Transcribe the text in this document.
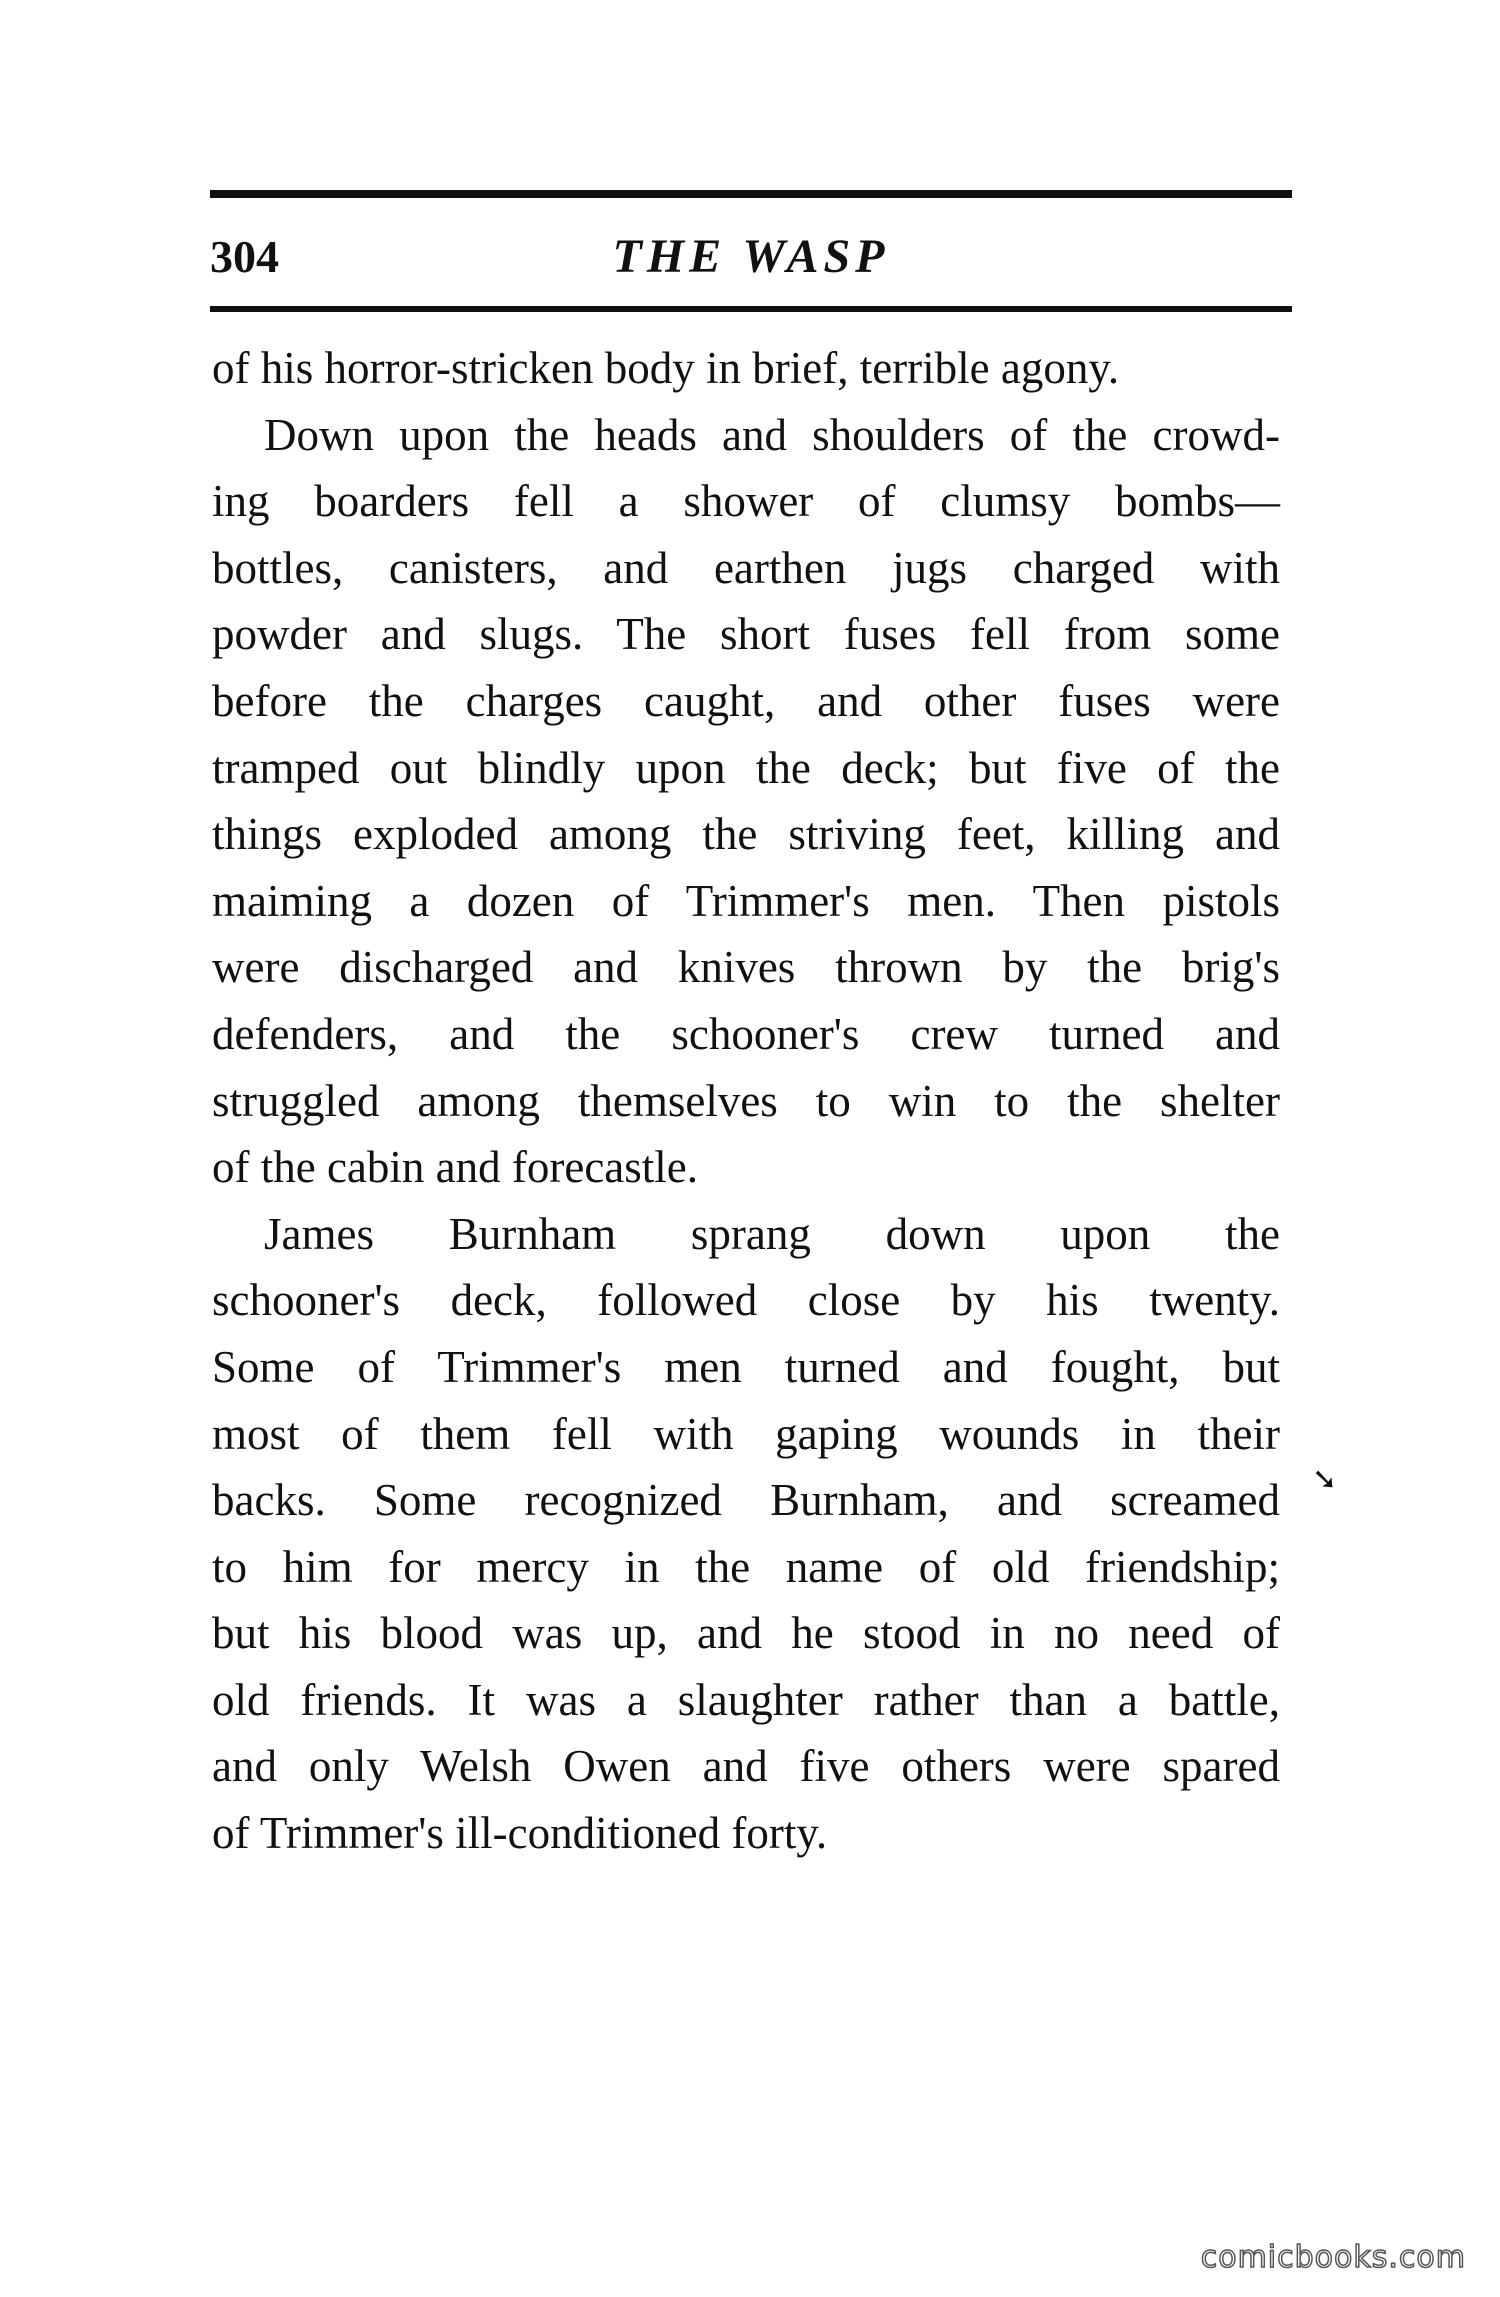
304	THE WASP
of his horror-stricken body in brief, terrible agony.
Down upon the heads and shoulders of the crowd-
ing boarders fell a shower of clumsy bombs—
bottles, canisters, and earthen jugs charged with
powder and slugs. The short fuses fell from some
before the charges caught, and other fuses were
tramped out blindly upon the deck; but five of the
things exploded among the striving feet, killing and
maiming a dozen of Trimmer's men. Then pistols
were discharged and knives thrown by the brig's
defenders, and the schooner's crew turned and
struggled among themselves to win to the shelter
of the cabin and forecastle.
James Burnham sprang down upon the
schooner's deck, followed close by his twenty.
Some of Trimmer's men turned and fought, but
most of them fell with gaping wounds in their
backs. Some recognized Burnham, and screamed
to him for mercy in the name of old friendship;
but his blood was up, and he stood in no need of
old friends. It was a slaughter rather than a battle,
and only Welsh Owen and five others were spared
of Trimmer's ill-conditioned forty.
➘
comicbooks.com
